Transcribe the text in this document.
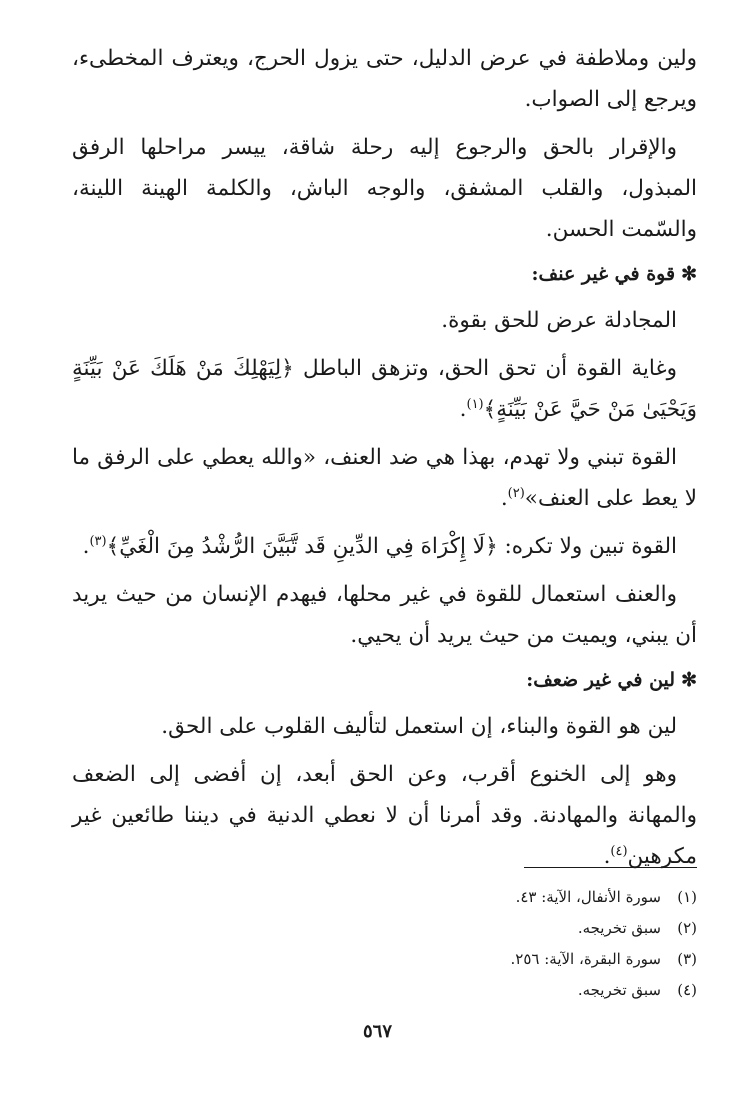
ولين وملاطفة في عرض الدليل، حتى يزول الحرج، ويعترف المخطىء، ويرجع إلى الصواب.

والإقرار بالحق والرجوع إليه رحلة شاقة، ييسر مراحلها الرفق المبذول، والقلب المشفق، والوجه الباش، والكلمة الهينة اللينة، والسّمت الحسن.

✻قوة في غير عنف:

المجادلة عرض للحق بقوة.

وغاية القوة أن تحق الحق، وتزهق الباطل ﴿لِيَهْلِكَ مَنْ هَلَكَ عَنْ بَيِّنَةٍ وَيَحْيَىٰ مَنْ حَيَّ عَنْ بَيِّنَةٍ﴾$^{(١)}$.

القوة تبني ولا تهدم، بهذا هي ضد العنف، «والله يعطي على الرفق ما لا يعط على العنف»$^{(٢)}$.

القوة تبين ولا تكره: ﴿لَا إِكْرَاهَ فِي الدِّينِ قَد تَّبَيَّنَ الرُّشْدُ مِنَ الْغَيِّ﴾$^{(٣)}$.

والعنف استعمال للقوة في غير محلها، فيهدم الإنسان من حيث يريد أن يبني، ويميت من حيث يريد أن يحيي.

✻لين في غير ضعف:

لين هو القوة والبناء، إن استعمل لتأليف القلوب على الحق.

وهو إلى الخنوع أقرب، وعن الحق أبعد، إن أفضى إلى الضعف والمهانة والمهادنة. وقد أمرنا أن لا نعطي الدنية في ديننا طائعين غير مكرهين$^{(٤)}$.

(١)سورة الأنفال، الآية: ٤٣.
(٢)سبق تخريجه.
(٣)سورة البقرة، الآية: ٢٥٦.
(٤)سبق تخريجه.
٥٦٧
